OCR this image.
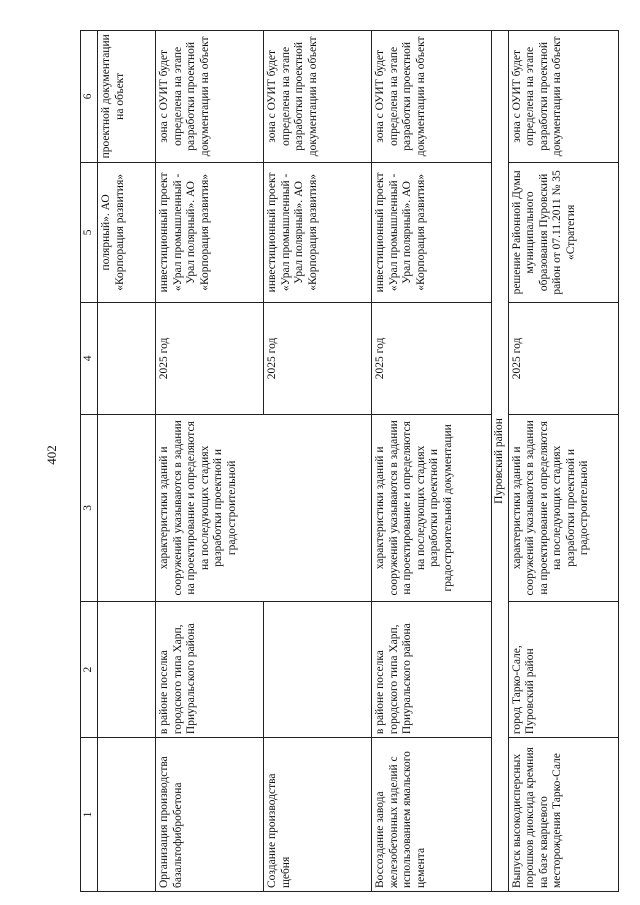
402
1	2	3	4	5	6
				полярный». АО «Корпорация развития»	проектной документации на объект
Организация производства базальтофибробетона	в районе поселка городского типа Харп, Приуральского района	характеристики зданий и сооружений указываются в задании на проектирование и определяются на последующих стадиях разработки проектной и градостроительной	2025 год	инвестиционный проект «Урал промышленный - Урал полярный». АО «Корпорация развития»	зона с ОУИТ будет определена на этапе разработки проектной документации на объект
Создание производства щебня			2025 год	инвестиционный проект «Урал промышленный - Урал полярный». АО «Корпорация развития»	зона с ОУИТ будет определена на этапе разработки проектной документации на объект
Воссоздание завода железобетонных изделий с использованием ямальского цемента	в районе поселка городского типа Харп, Приуральского района	характеристики зданий и сооружений указываются в задании на проектирование и определяются на последующих стадиях разработки проектной и градостроительной документации	2025 год	инвестиционный проект «Урал промышленный - Урал полярный». АО «Корпорация развития»	зона с ОУИТ будет определена на этапе разработки проектной документации на объект
Пуровский район					
Выпуск высокодисперсных порошков диоксида кремния на базе кварцевого месторождения Тарко-Сале	город Тарко-Сале, Пуровский район	характеристики зданий и сооружений указываются в задании на проектирование и определяются на последующих стадиях разработки проектной и градостроительной	2025 год	решение Районной Думы муниципального образования Пуровский район от 07.11.2011 № 35 «Стратегия	зона с ОУИТ будет определена на этапе разработки проектной документации на объект
